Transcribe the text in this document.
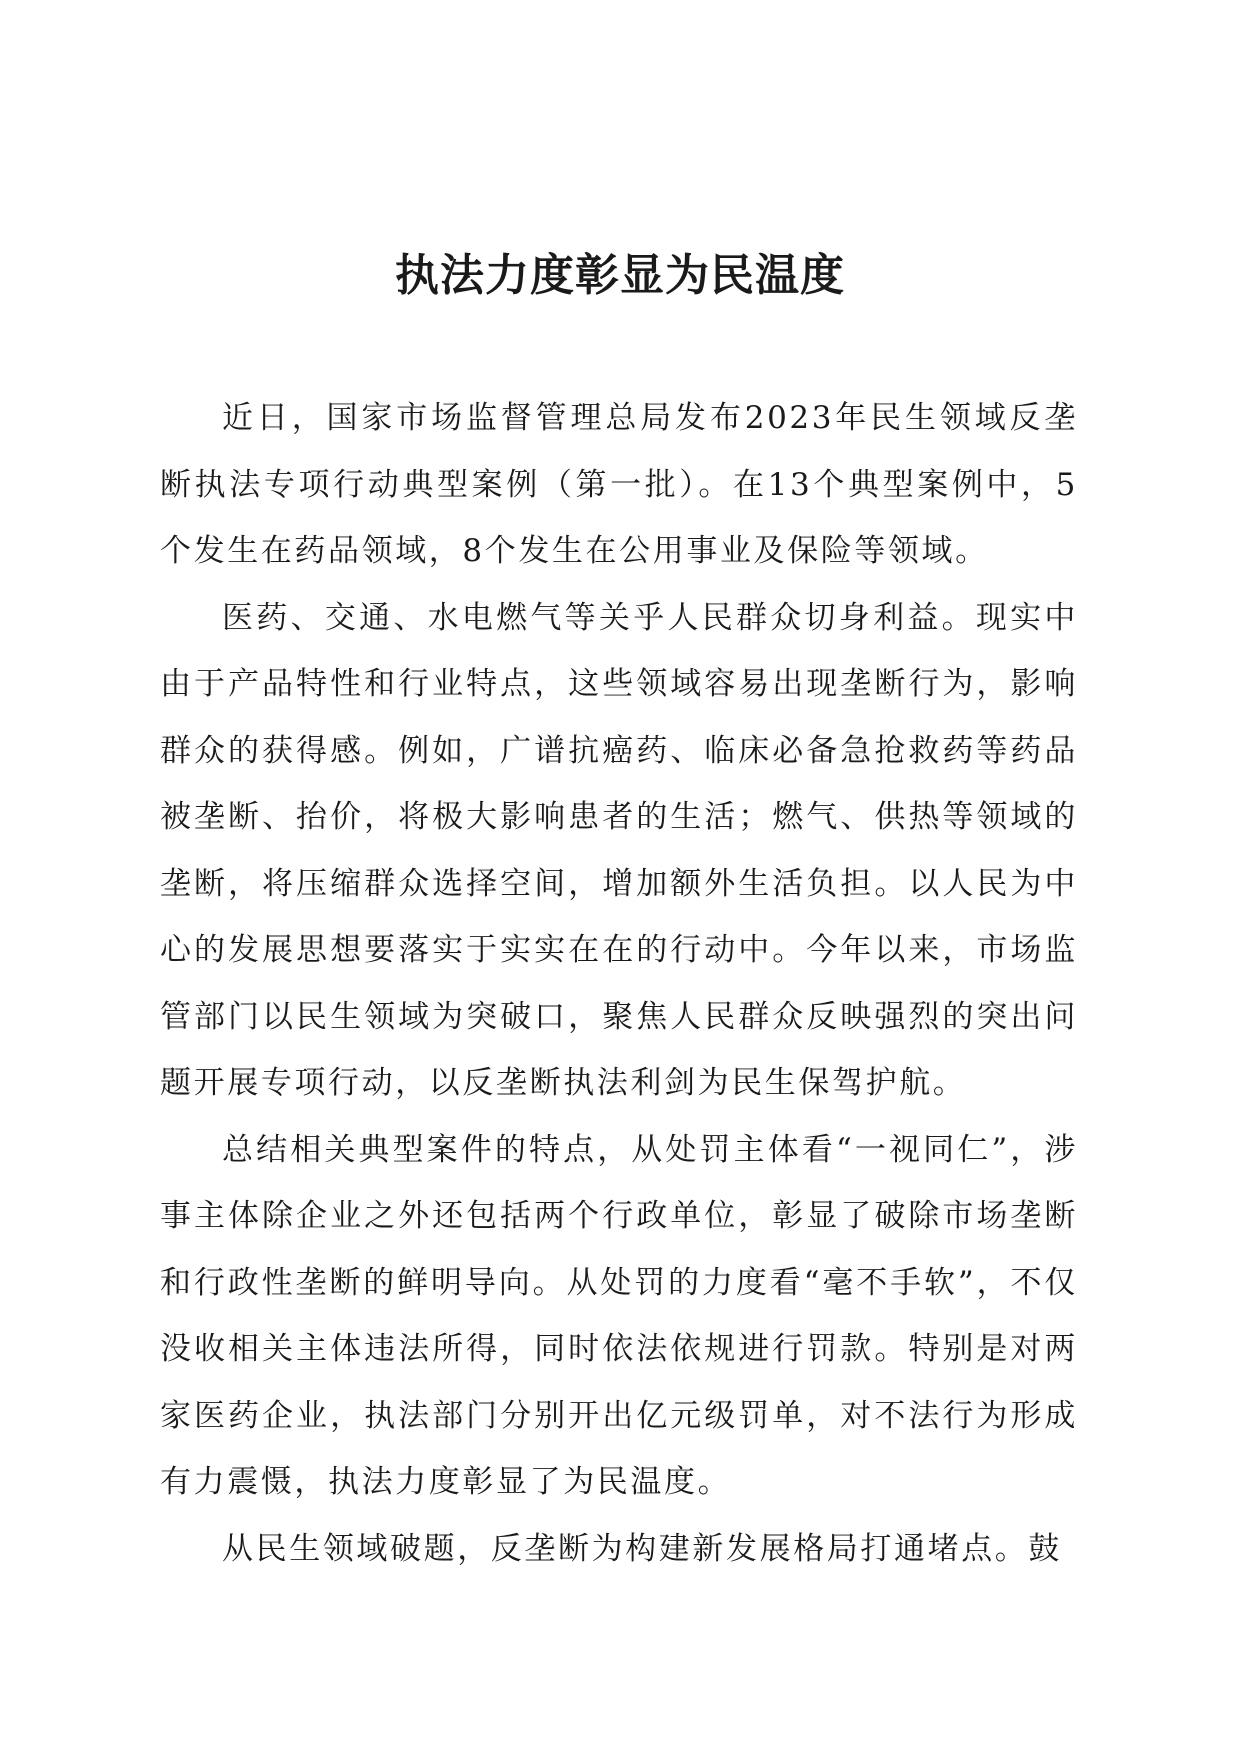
执法力度彰显为民温度

近日，国家市场监督管理总局发布2023年民生领域反垄断执法专项行动典型案例（第一批）。在13个典型案例中，5个发生在药品领域，8个发生在公用事业及保险等领域。

医药、交通、水电燃气等关乎人民群众切身利益。现实中由于产品特性和行业特点，这些领域容易出现垄断行为，影响群众的获得感。例如，广谱抗癌药、临床必备急抢救药等药品被垄断、抬价，将极大影响患者的生活；燃气、供热等领域的垄断，将压缩群众选择空间，增加额外生活负担。以人民为中心的发展思想要落实于实实在在的行动中。今年以来，市场监管部门以民生领域为突破口，聚焦人民群众反映强烈的突出问题开展专项行动，以反垄断执法利剑为民生保驾护航。

总结相关典型案件的特点，从处罚主体看“一视同仁”，涉事主体除企业之外还包括两个行政单位，彰显了破除市场垄断和行政性垄断的鲜明导向。从处罚的力度看“毫不手软”，不仅没收相关主体违法所得，同时依法依规进行罚款。特别是对两家医药企业，执法部门分别开出亿元级罚单，对不法行为形成有力震慑，执法力度彰显了为民温度。

从民生领域破题，反垄断为构建新发展格局打通堵点。鼓
